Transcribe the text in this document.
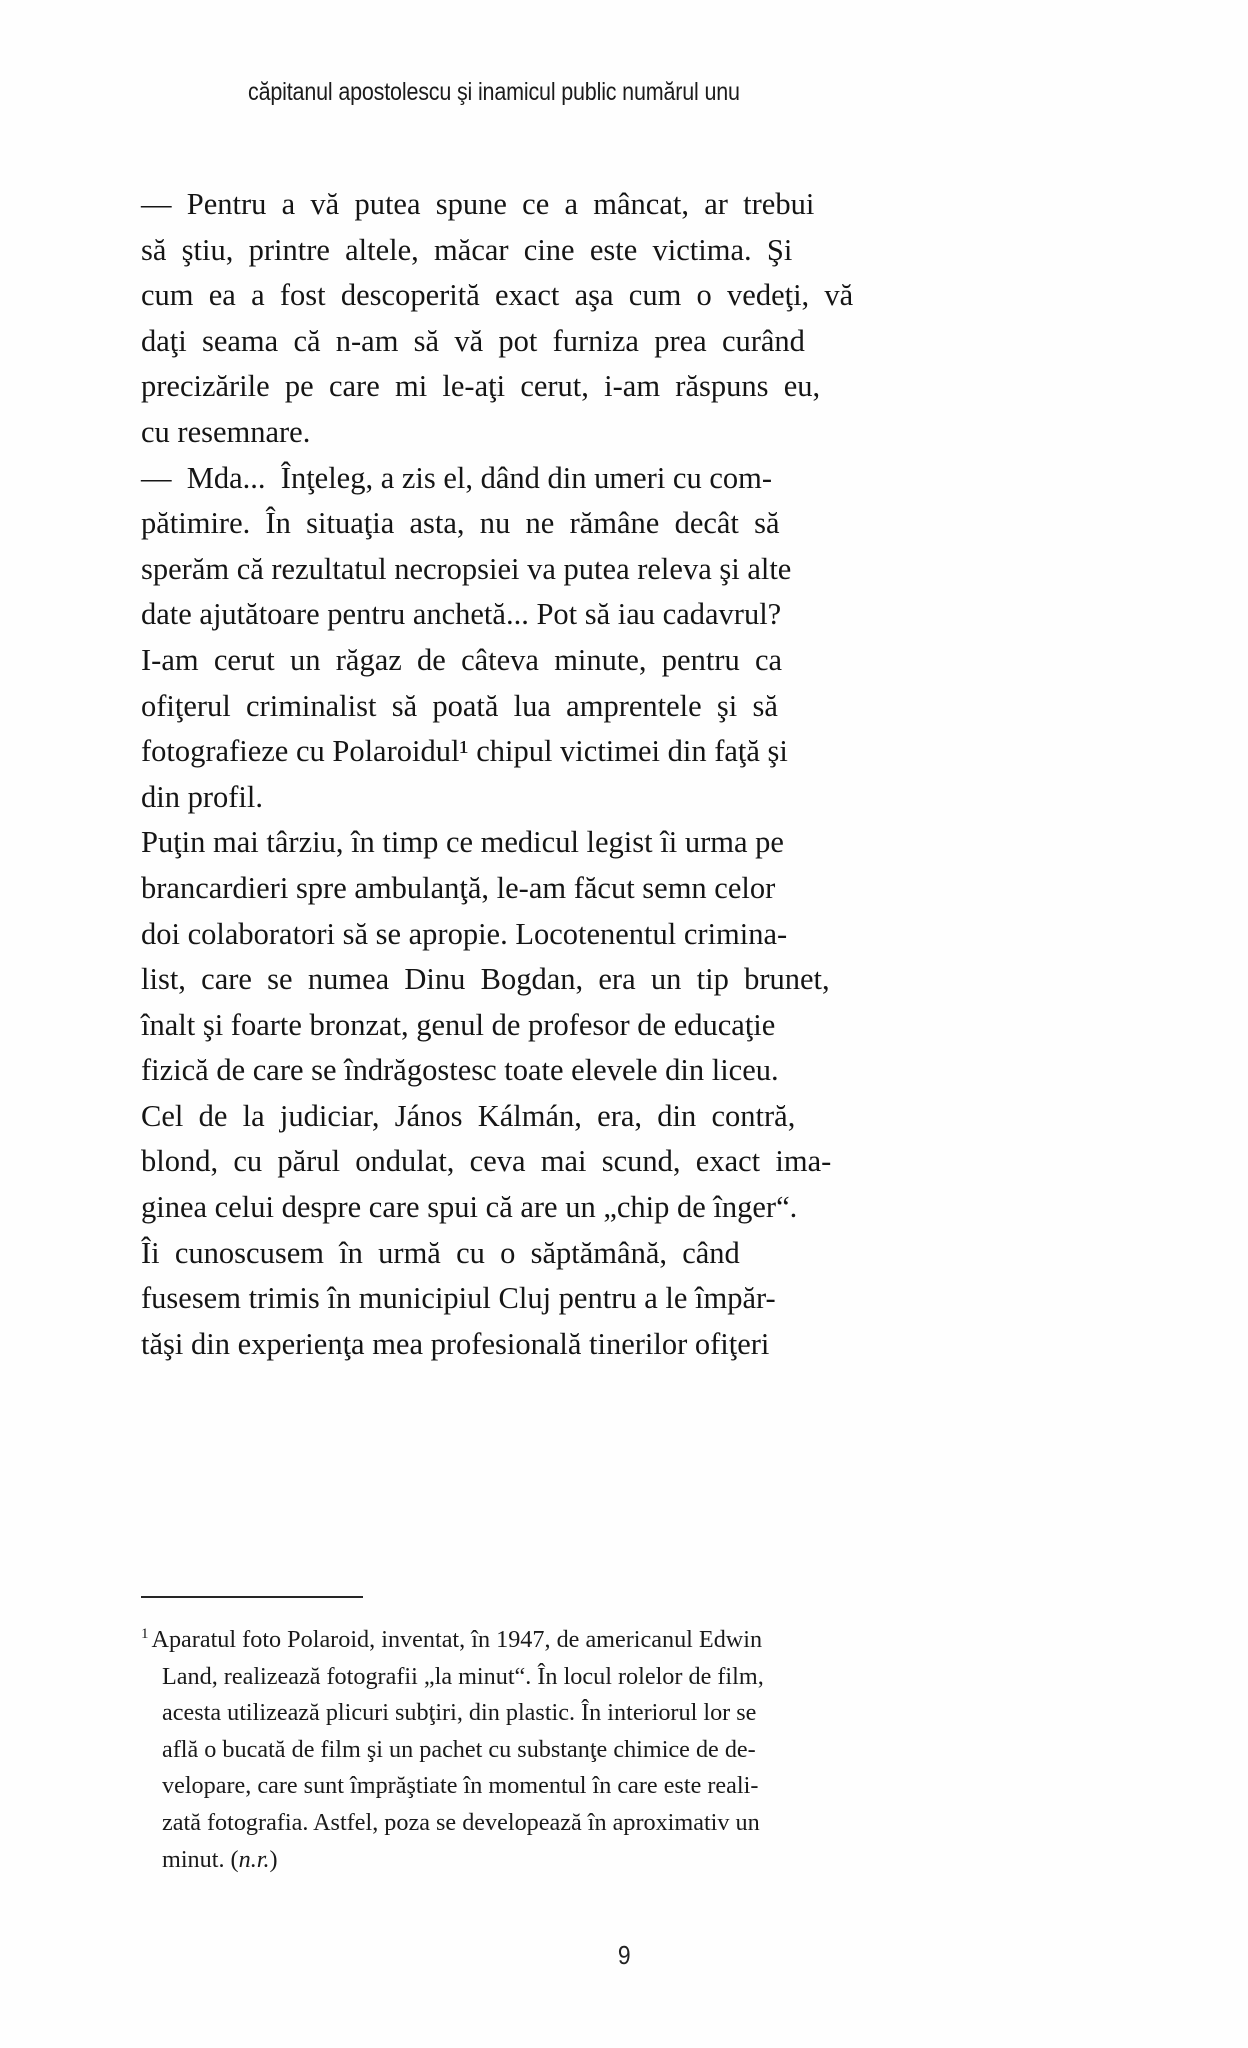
căpitanul apostolescu şi inamicul public numărul unu

—  Pentru  a  vă  putea  spune  ce  a  mâncat,  ar  trebui
să  ştiu,  printre  altele,  măcar  cine  este  victima.  Şi
cum  ea  a  fost  descoperită  exact  aşa  cum  o  vedeţi,  vă
daţi  seama  că  n-am  să  vă  pot  furniza  prea  curând
precizările  pe  care  mi  le-aţi  cerut,  i-am  răspuns  eu,
cu resemnare.

—  Mda...  Înţeleg, a zis el, dând din umeri cu com-
pătimire.  În  situaţia  asta,  nu  ne  rămâne  decât  să
sperăm că rezultatul necropsiei va putea releva şi alte
date ajutătoare pentru anchetă... Pot să iau cadavrul?

I-am  cerut  un  răgaz  de  câteva  minute,  pentru  ca
ofiţerul  criminalist  să  poată  lua  amprentele  şi  să
fotografieze cu Polaroidul¹ chipul victimei din faţă şi
din profil.

Puţin mai târziu, în timp ce medicul legist îi urma pe
brancardieri spre ambulanţă, le-am făcut semn celor
doi colaboratori să se apropie. Locotenentul crimina-
list,  care  se  numea  Dinu  Bogdan,  era  un  tip  brunet,
înalt şi foarte bronzat, genul de profesor de educaţie
fizică de care se îndrăgostesc toate elevele din liceu.
Cel  de  la  judiciar,  János  Kálmán,  era,  din  contră,
blond,  cu  părul  ondulat,  ceva  mai  scund,  exact  ima-
ginea celui despre care spui că are un „chip de înger“.

Îi  cunoscusem  în  urmă  cu  o  săptămână,  când
fusesem trimis în municipiul Cluj pentru a le împăr-
tăşi din experienţa mea profesională tinerilor ofiţeri

$^1$ Aparatul foto Polaroid, inventat, în 1947, de americanul Edwin
Land, realizează fotografii „la minut“. În locul rolelor de film,
acesta utilizează plicuri subţiri, din plastic. În interiorul lor se
află o bucată de film şi un pachet cu substanţe chimice de de-
velopare, care sunt împrăştiate în momentul în care este reali-
zată fotografia. Astfel, poza se developează în aproximativ un
minut. (n.r.)
9
